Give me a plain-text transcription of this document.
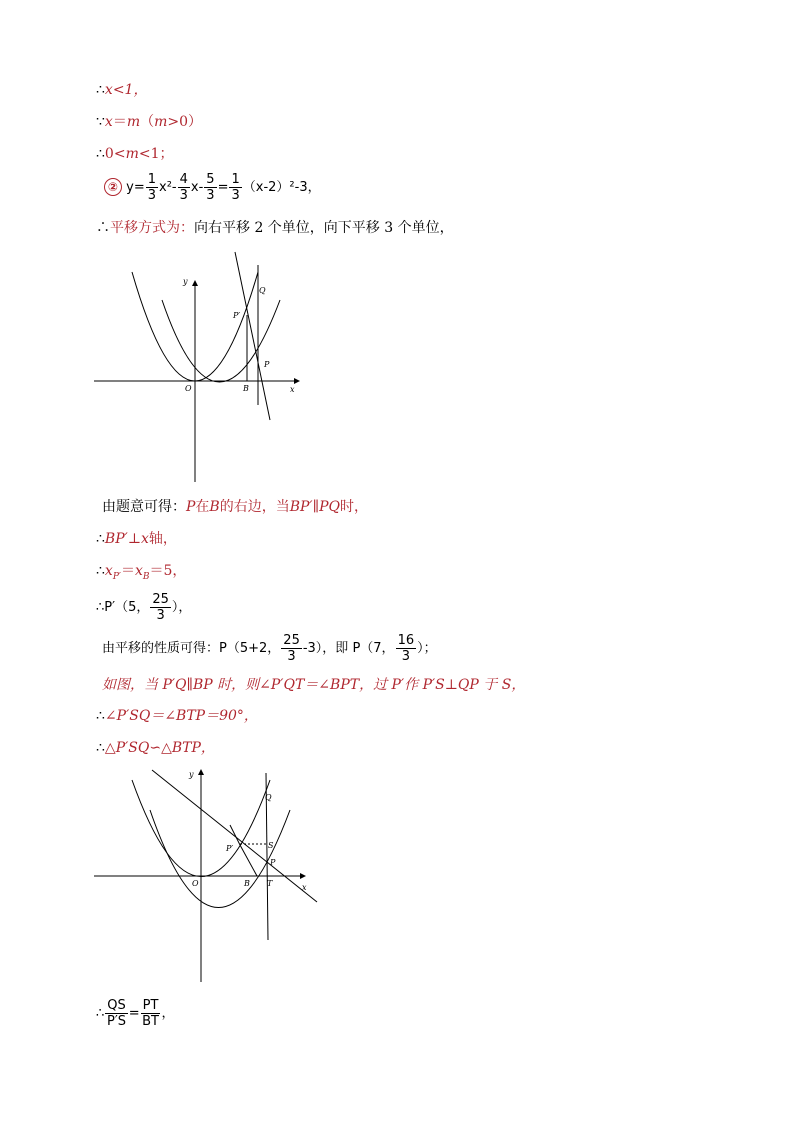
∴x<1，
∵x＝m（m>0）
∴0<m<1；
② $y= \frac{1}{3} x^2- \frac{4}{3} x- \frac{5}{3} = \frac{1}{3} (x-2)^2-3$，
∴平移方式为：向右平移 2 个单位，向下平移 3 个单位，
y
x
O	B
P
P′
Q
由题意可得：P在B的右边，当BP′∥PQ时，
∴BP′⊥x轴，
$\therefore x_{P'}=x_B=5$，
∴P′（5， $\frac{25}{3}$ ），
由平移的性质可得：P（5+2， $\frac{25}{3} -3$），即 P（7， $\frac{16}{3}$ ）；
如图，当 P′Q∥BP 时，则∠P′QT＝∠BPT，过 P′作 P′S⊥QP 于 S，
∴∠P′SQ＝∠BTP＝90°，
∴△P′SQ∽△BTP，
y
x
O	B
P
P′
Q
S
T
∴ $\frac{QS}{P'S} = \frac{PT}{BT}$ ，
